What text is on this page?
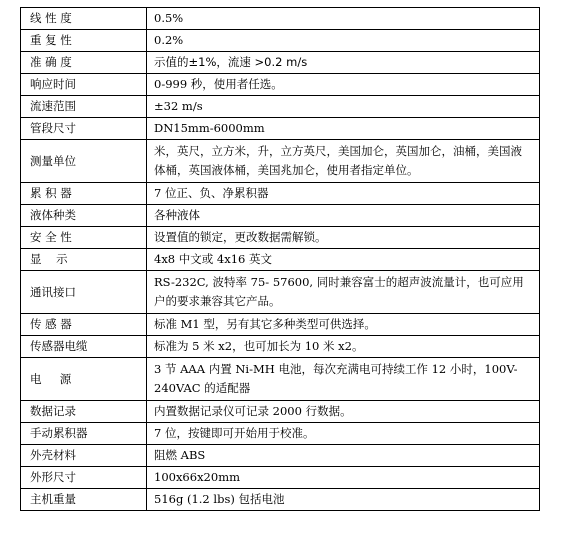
线 性 度	0.5%
重 复 性	0.2%
准 确 度	示值的±1%，流速 >0.2 m/s
响应时间	0-999 秒，使用者任选。
流速范围	±32 m/s
管段尺寸	DN15mm-6000mm
测量单位	米，英尺，立方米，升，立方英尺，美国加仑，英国加仑，油桶，美国液体桶，英国液体桶，美国兆加仑，使用者指定单位。
累 积 器	7 位正、负、净累积器
液体种类	各种液体
安 全 性	设置值的锁定，更改数据需解锁。
显    示	4x8 中文或 4x16 英文
通讯接口	RS-232C, 波特率 75- 57600, 同时兼容富士的超声波流量计，也可应用户的要求兼容其它产品。
传 感 器	标准 M1 型，另有其它多种类型可供选择。
传感器电缆	标准为 5 米 x2，也可加长为 10 米 x2。
电     源	3 节 AAA 内置 Ni-MH 电池，每次充满电可持续工作 12 小时，100V-240VAC 的适配器
数据记录	内置数据记录仪可记录 2000 行数据。
手动累积器	7 位，按键即可开始用于校准。
外壳材料	阻燃 ABS
外形尺寸	100x66x20mm
主机重量	516g (1.2 lbs) 包括电池
